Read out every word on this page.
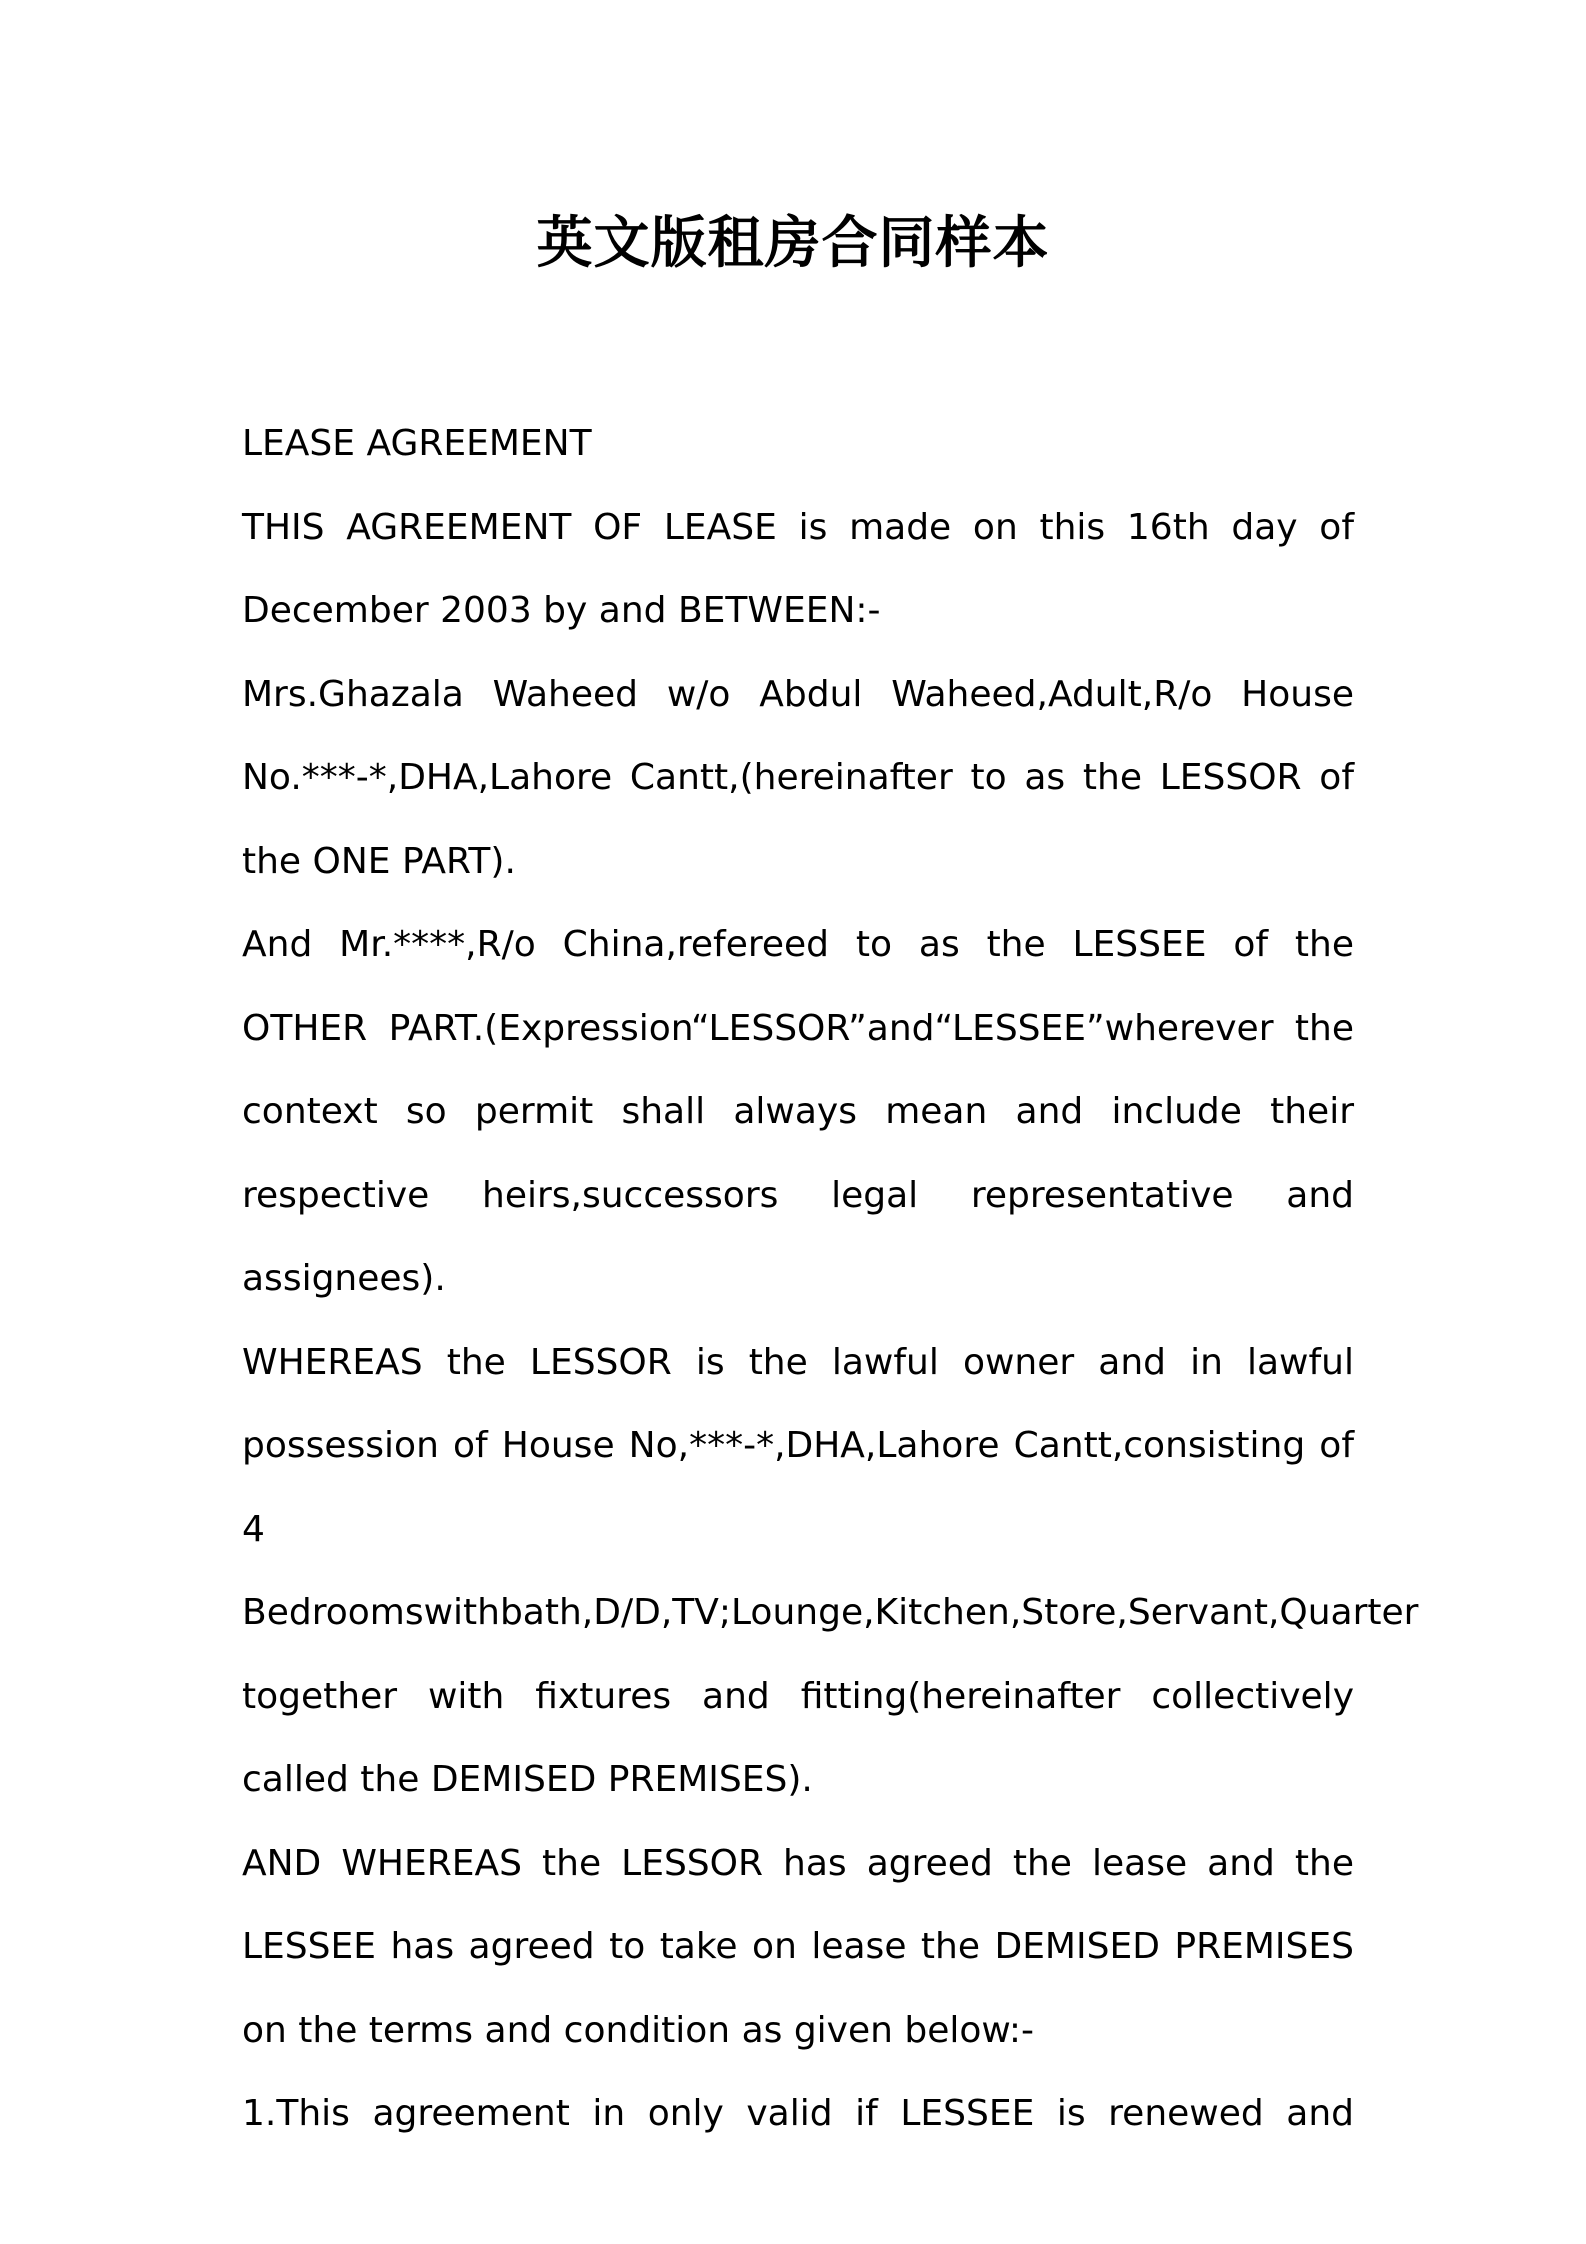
英文版租房合同样本

LEASE AGREEMENT

THIS AGREEMENT OF LEASE is made on this 16th day of December 2003 by and BETWEEN:-

Mrs.Ghazala Waheed w/o Abdul Waheed,Adult,R/o House No.***-*,DHA,Lahore Cantt,(hereinafter to as the LESSOR of the ONE PART).

And Mr.****,R/o China,refereed to as the LESSEE of the OTHER PART.(Expression“LESSOR”and“LESSEE”wherever the context so permit shall always mean and include their respective heirs,successors legal representative and assignees).

WHEREAS the LESSOR is the lawful owner and in lawful possession of House No,***-*,DHA,Lahore Cantt,consisting of 4 Bedroomswithbath,D/D,TV;Lounge,Kitchen,Store,Servant,Quarter together with fixtures and fitting(hereinafter collectively called the DEMISED PREMISES).

AND WHEREAS the LESSOR has agreed the lease and the LESSEE has agreed to take on lease the DEMISED PREMISES on the terms and condition as given below:-

1.This agreement in only valid if LESSEE is renewed and
